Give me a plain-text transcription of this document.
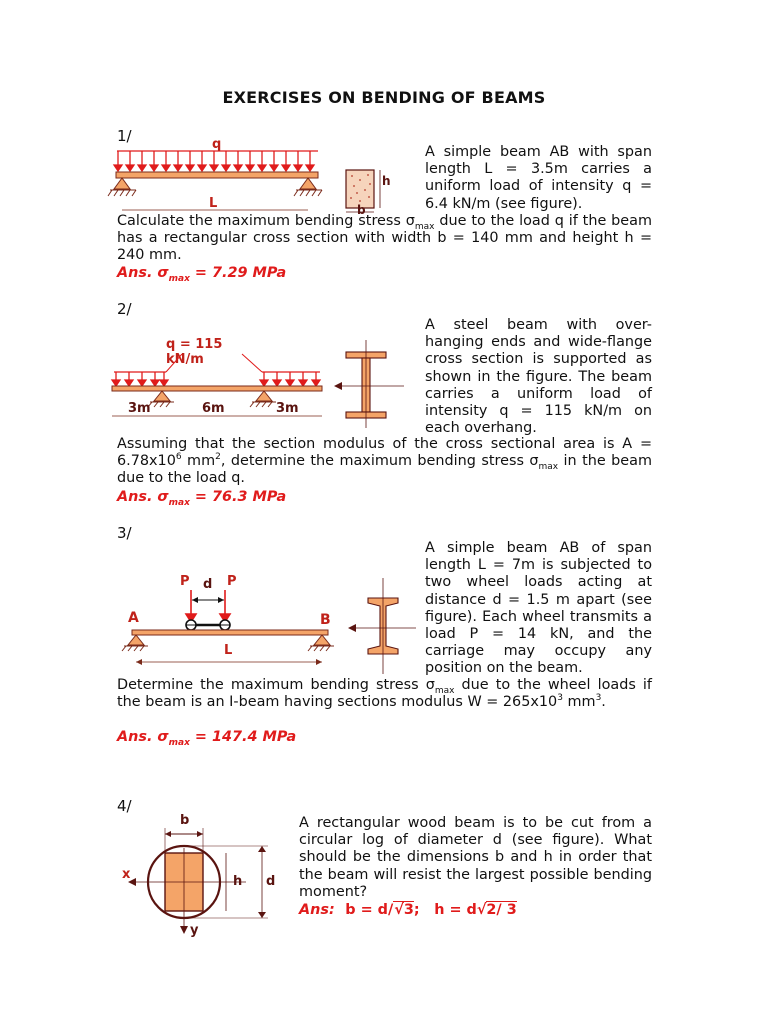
EXERCISES ON BENDING OF BEAMS
1/	q
L
h
b

A simple beam AB with span length L = 3.5m carries a uniform load of intensity q = 6.4 kN/m (see figure).

Calculate the maximum bending stress $\sigma_{max}$ due to the load q if the beam has a rectangular cross section with width b = 140 mm and height h = 240 mm.

Ans. $\sigma_{max} = 7.29$ MPa
2/
q = 115
kN/m
3m	6m	3m

A steel beam with over-hanging ends and wide-flange cross section is supported as shown in the figure. The beam carries a uniform load of intensity q = 115 kN/m on each overhang.

Assuming that the section modulus of the cross sectional area is $A = 6.78x10^6$ $mm^2$, determine the maximum bending stress $\sigma_{max}$ in the beam due to the load q.

Ans. $\sigma_{max} = 76.3$ MPa
3/
P	P
d
A	B
L

A simple beam AB of span length L = 7m is subjected to two wheel loads acting at distance d = 1.5 m apart (see figure). Each wheel transmits a load P = 14 kN, and the carriage may occupy any position on the beam.

Determine the maximum bending stress $\sigma_{max}$ due to the wheel loads if the beam is an I-beam having sections modulus $W = 265x10^3$ $mm^3$.

Ans. $\sigma_{max} = 147.4$ MPa
4/
b
x
y
h d

A rectangular wood beam is to be cut from a circular log of diameter d (see figure). What should be the dimensions b and h in order that the beam will resist the largest possible bending moment?

Ans: b = d/√3; h = d√2/ 3
